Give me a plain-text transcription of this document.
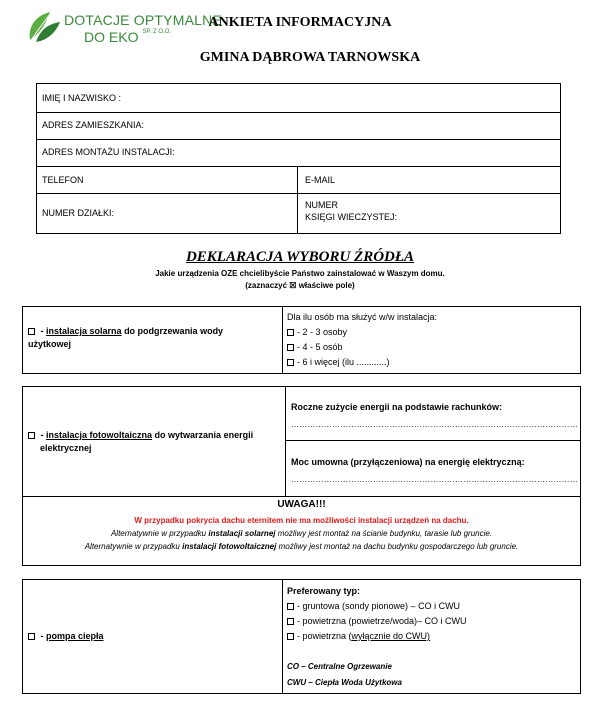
DOTACJE OPTYMALNE
DO EKO $^{SP. Z O.O.}$
ANKIETA INFORMACYJNA
GMINA DĄBROWA TARNOWSKA
IMIĘ I NAZWISKO :
ADRES ZAMIESZKANIA:
ADRES MONTAŻU INSTALACJI:
TELEFON	E-MAIL
NUMER DZIAŁKI:
NUMER
KSIĘGI WIECZYSTEJ:
DEKLARACJA WYBORU ŹRÓDŁA
Jakie urządzenia OZE chcielibyście Państwo zainstalować w Waszym domu.
(zaznaczyć ☒ właściwe pole)
- instalacja solarna do podgrzewania wody
użytkowej
Dla ilu osób ma służyć w/w instalacja:
- 2 - 3 osoby
- 4 - 5 osób
- 6 i więcej (ilu ............)
- instalacja fotowoltaiczna do wytwarzania energii
elektrycznej
Roczne zużycie energii na podstawie rachunków:
……………………………………………………………………………………………
Moc umowna (przyłączeniowa) na energię elektryczną:
……………………………………………………………………………………………
UWAGA!!!
W przypadku pokrycia dachu eternitem nie ma możliwości instalacji urządzeń na dachu.
Alternatywnie w przypadku instalacji solarnej możliwy jest montaż na ścianie budynku, tarasie lub gruncie.
Alternatywnie w przypadku instalacji fotowoltaicznej możliwy jest montaż na dachu budynku gospodarczego lub gruncie.
- pompa ciepła
Preferowany typ:
- gruntowa (sondy pionowe) – CO i CWU
- powietrzna (powietrze/woda)– CO i CWU
- powietrzna (wyłącznie do CWU)
CO – Centralne Ogrzewanie
CWU – Ciepła Woda Użytkowa
